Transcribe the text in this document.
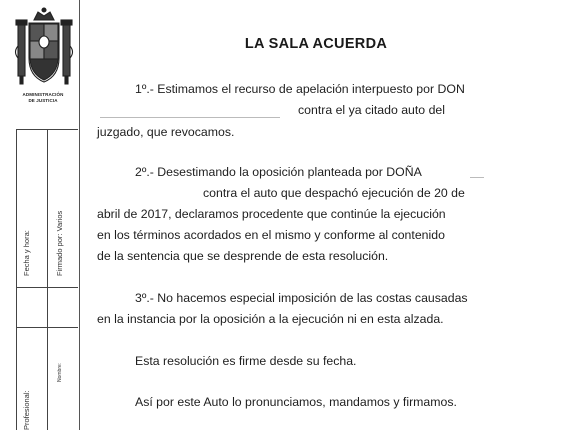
ADMINISTRACIÓN
DE JUSTICIA
Fecha y hora:	Firmado por: Varios
Nombre:
Profesional:
LA SALA ACUERDA
1º.- Estimamos el recurso de apelación interpuesto por DON
contra el ya citado auto del
juzgado, que revocamos.
2º.- Desestimando la oposición planteada por DOÑA
contra el auto que despachó ejecución de 20 de
abril de 2017, declaramos procedente que continúe la ejecución
en los términos acordados en el mismo y conforme al contenido
de la sentencia que se desprende de esta resolución.
3º.- No hacemos especial imposición de las costas causadas
en la instancia por la oposición a la ejecución ni en esta alzada.
Esta resolución es firme desde su fecha.
Así por este Auto lo pronunciamos, mandamos y firmamos.
